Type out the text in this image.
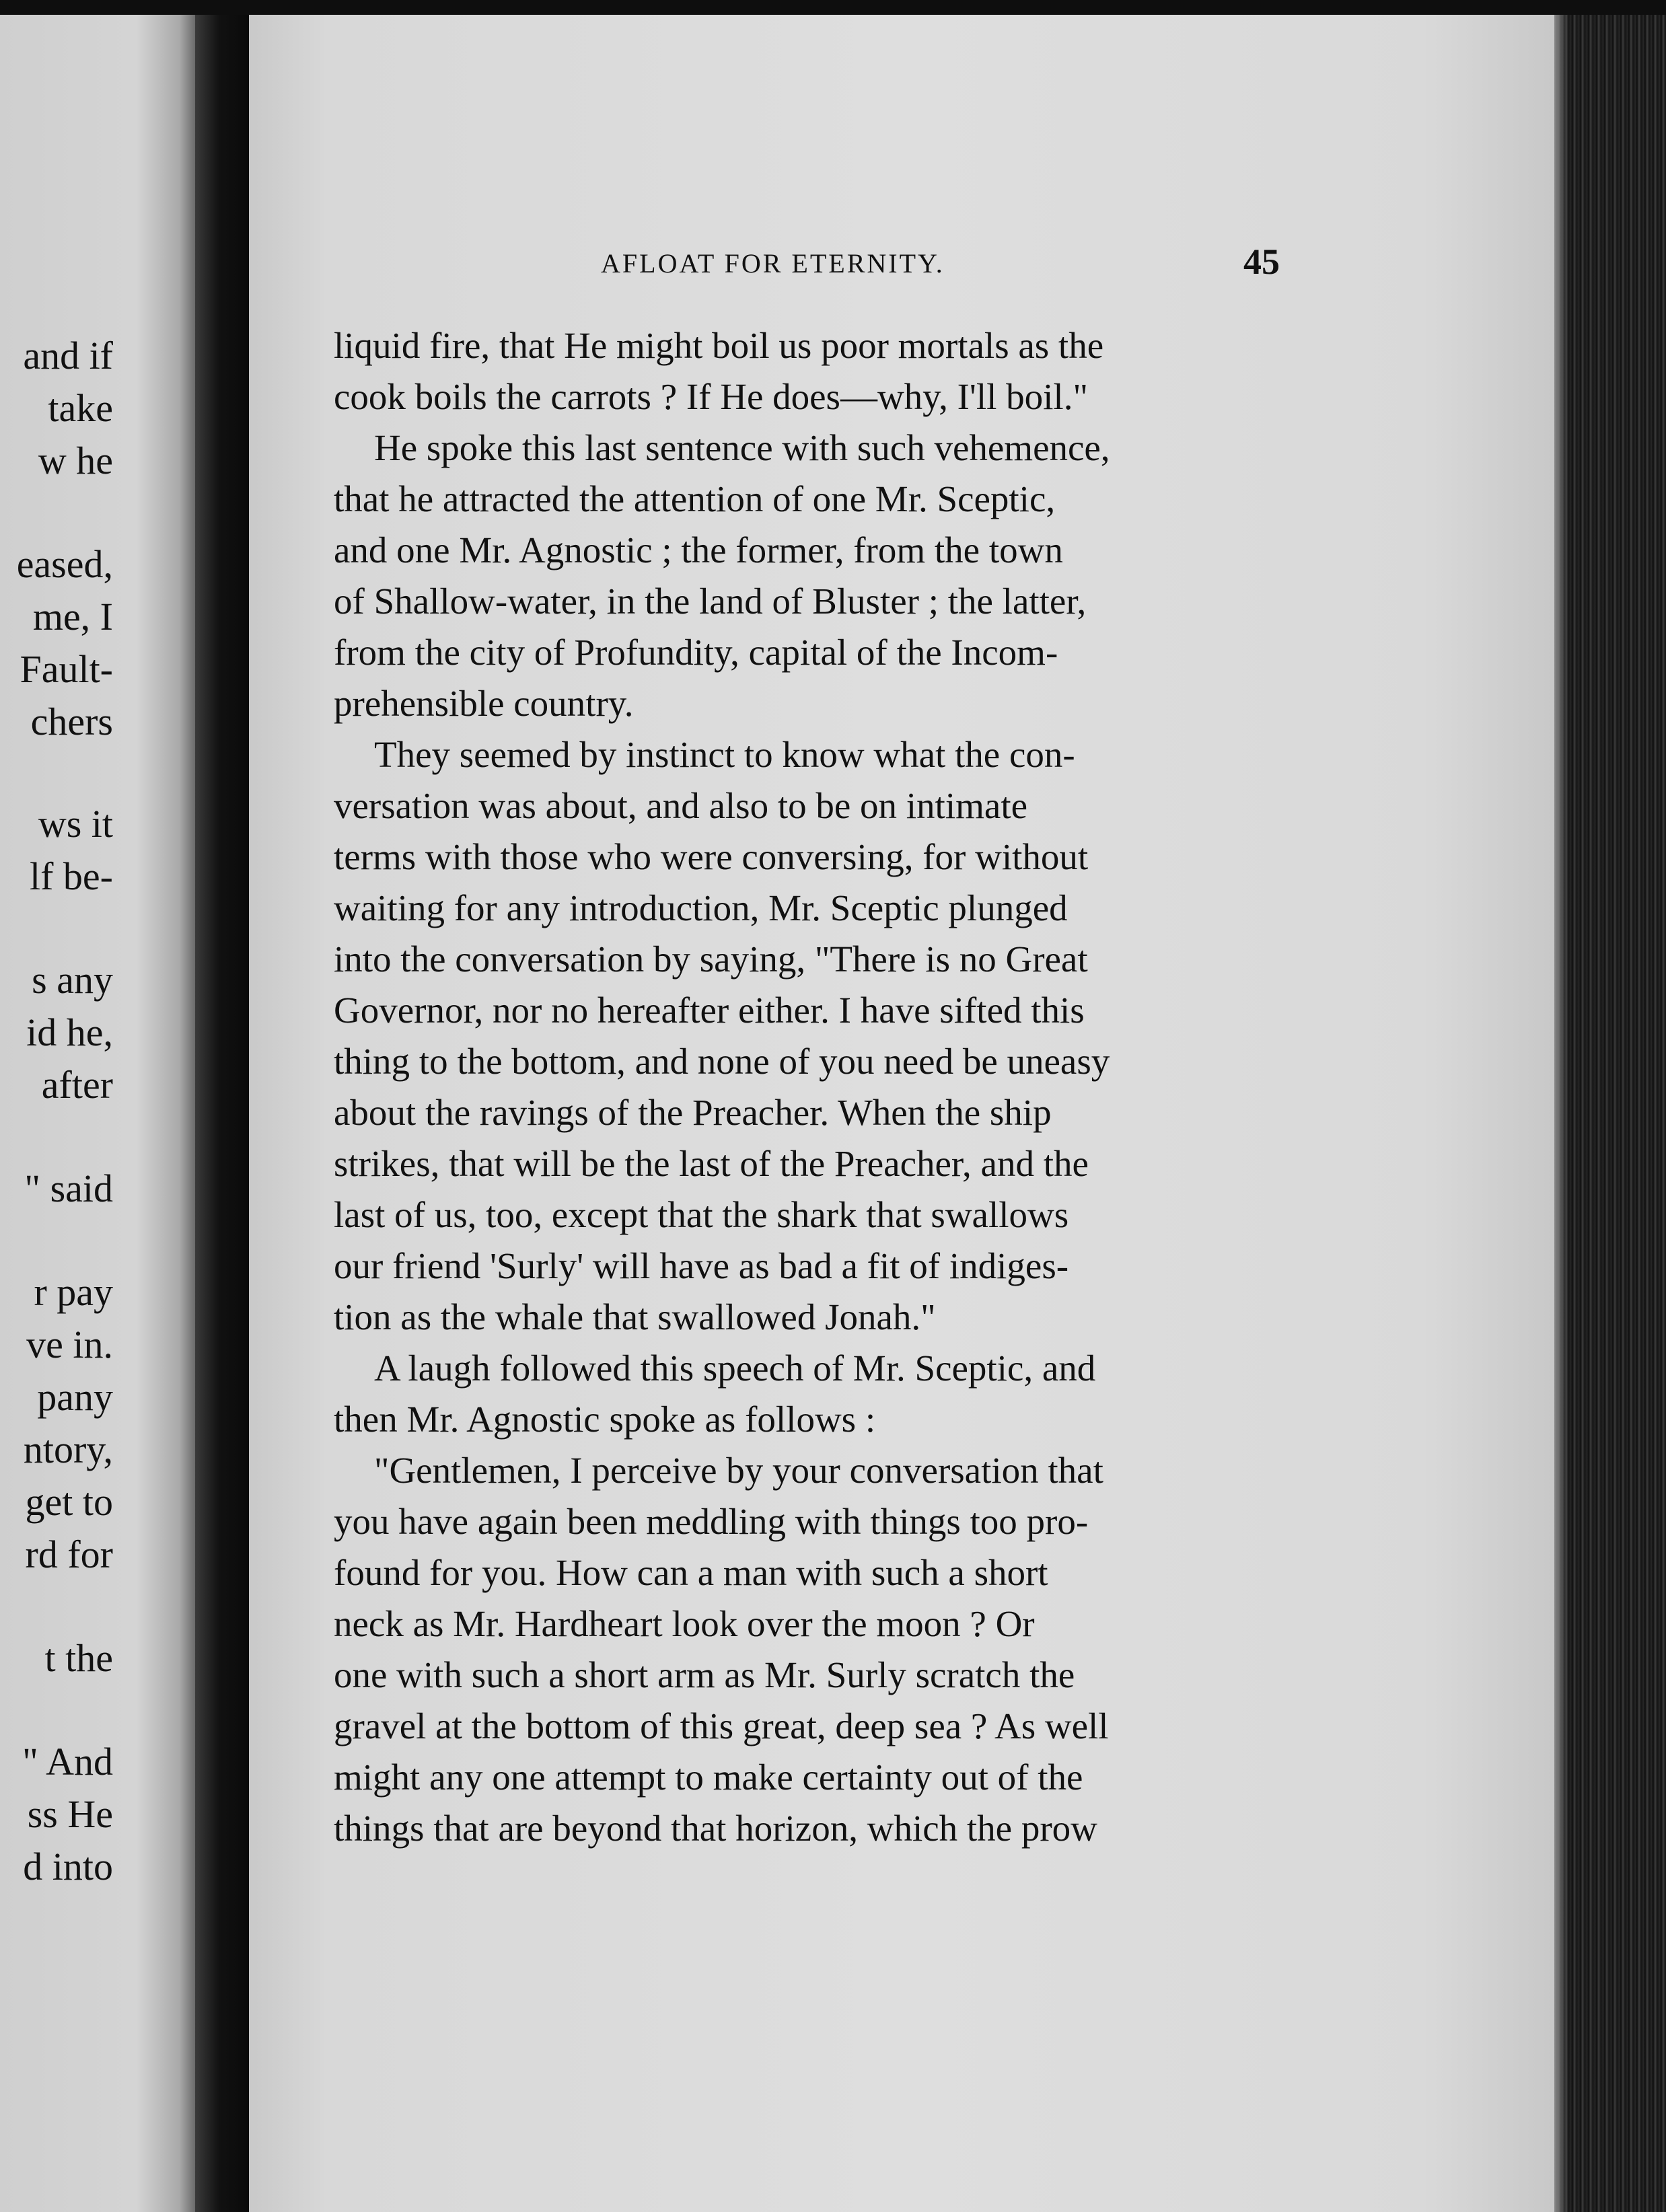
and if
take
w he
eased,
me, I
Fault-
chers
ws it
lf be-
s any
id he,
after
" said
r pay
ve in.
pany
ntory,
get to
rd for
t the
" And
ss He
d into
AFLOAT FOR ETERNITY.	45
liquid fire, that He might boil us poor mortals as the
cook boils the carrots ? If He does—why, I'll boil."
He spoke this last sentence with such vehemence,
that he attracted the attention of one Mr. Sceptic,
and one Mr. Agnostic ; the former, from the town
of Shallow-water, in the land of Bluster ; the latter,
from the city of Profundity, capital of the Incom-
prehensible country.
They seemed by instinct to know what the con-
versation was about, and also to be on intimate
terms with those who were conversing, for without
waiting for any introduction, Mr. Sceptic plunged
into the conversation by saying, "There is no Great
Governor, nor no hereafter either. I have sifted this
thing to the bottom, and none of you need be uneasy
about the ravings of the Preacher. When the ship
strikes, that will be the last of the Preacher, and the
last of us, too, except that the shark that swallows
our friend 'Surly' will have as bad a fit of indiges-
tion as the whale that swallowed Jonah."
A laugh followed this speech of Mr. Sceptic, and
then Mr. Agnostic spoke as follows :
"Gentlemen, I perceive by your conversation that
you have again been meddling with things too pro-
found for you. How can a man with such a short
neck as Mr. Hardheart look over the moon ? Or
one with such a short arm as Mr. Surly scratch the
gravel at the bottom of this great, deep sea ? As well
might any one attempt to make certainty out of the
things that are beyond that horizon, which the prow
